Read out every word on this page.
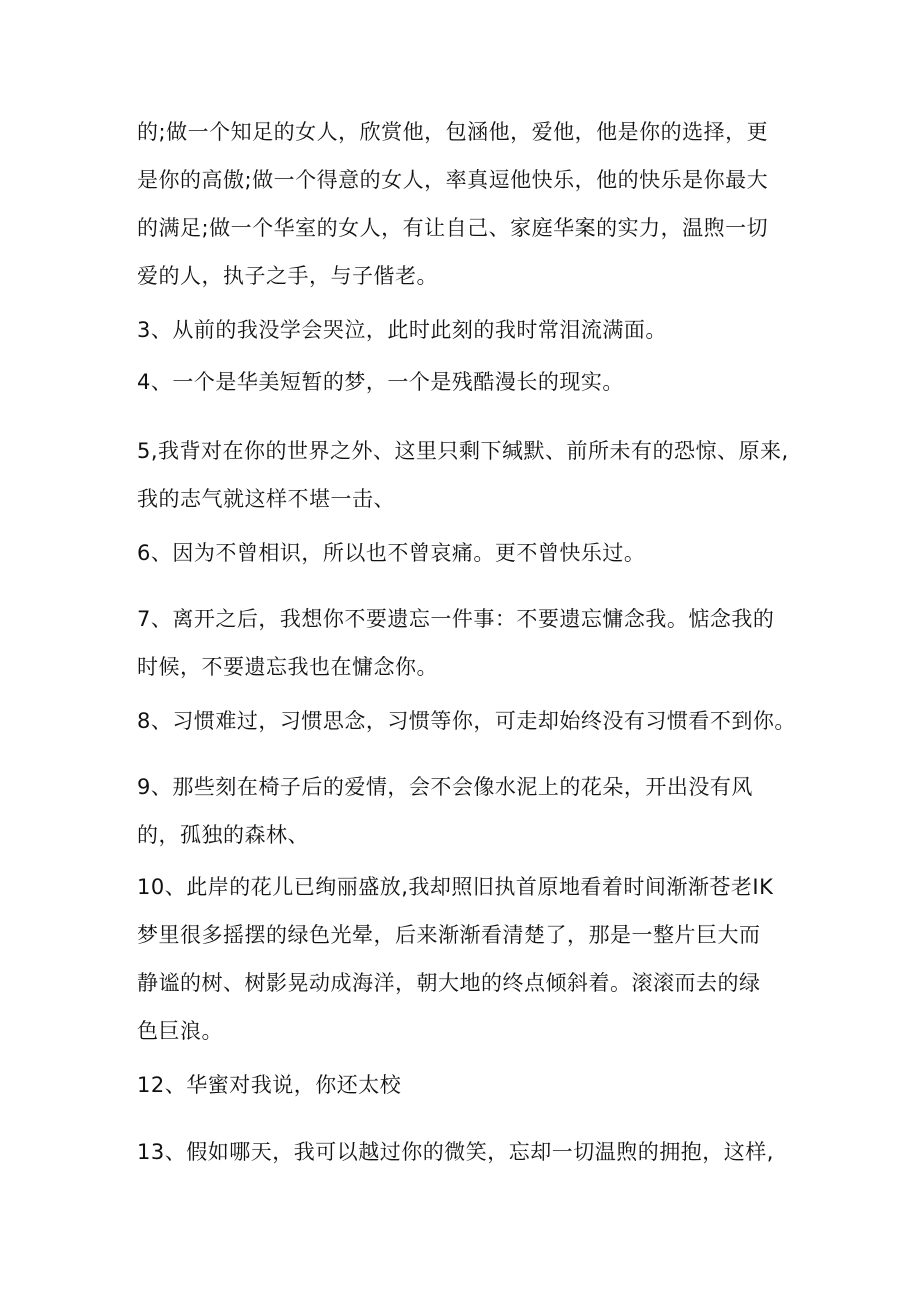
的;做一个知足的女人，欣赏他，包涵他，爱他，他是你的选择，更
是你的高傲;做一个得意的女人，率真逗他快乐，他的快乐是你最大
的满足;做一个华室的女人，有让自己、家庭华案的实力，温煦一切
爱的人，执子之手，与子偕老。
3、从前的我没学会哭泣，此时此刻的我时常泪流满面。
4、一个是华美短暂的梦，一个是残酷漫长的现实。
5,我背对在你的世界之外、这里只剩下缄默、前所未有的恐惊、原来,
我的志气就这样不堪一击、
6、因为不曾相识，所以也不曾哀痛。更不曾快乐过。
7、离开之后，我想你不要遗忘一件事：不要遗忘慵念我。惦念我的
时候，不要遗忘我也在慵念你。
8、习惯难过，习惯思念，习惯等你，可走却始终没有习惯看不到你。
9、那些刻在椅子后的爱情，会不会像水泥上的花朵，开出没有风
的，孤独的森林、
10、此岸的花儿已绚丽盛放,我却照旧执首原地看着时间渐渐苍老IK
梦里很多摇摆的绿色光晕，后来渐渐看清楚了，那是一整片巨大而
静谧的树、树影晃动成海洋，朝大地的终点倾斜着。滚滚而去的绿
色巨浪。
12、华蜜对我说，你还太校
13、假如哪天，我可以越过你的微笑，忘却一切温煦的拥抱，这样,
